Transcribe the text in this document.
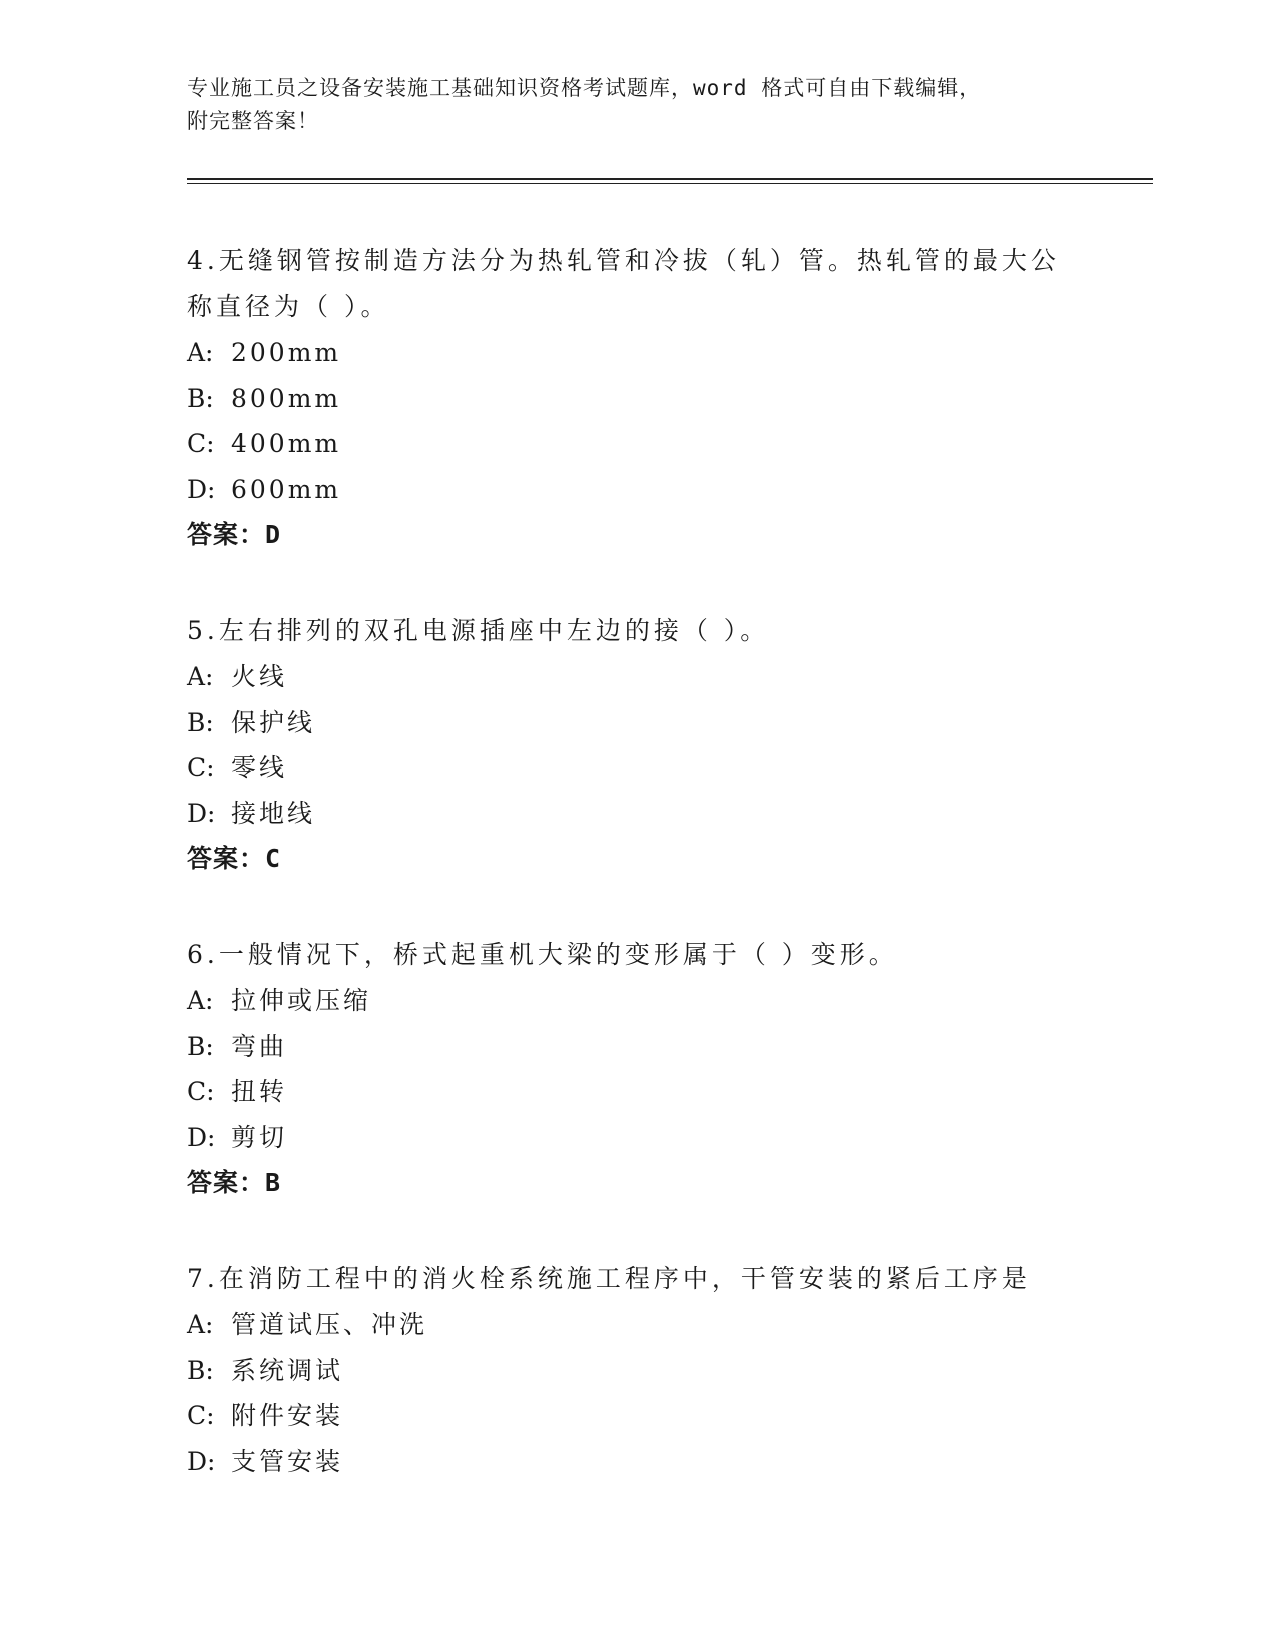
专业施工员之设备安装施工基础知识资格考试题库，word 格式可自由下载编辑，
附完整答案！
4.无缝钢管按制造方法分为热轧管和冷拔（轧）管。热轧管的最大公
称直径为（ ）。
A: 200mm
B: 800mm
C: 400mm
D: 600mm
答案：D
5.左右排列的双孔电源插座中左边的接（ ）。
A: 火线
B: 保护线
C: 零线
D: 接地线
答案：C
6.一般情况下，桥式起重机大梁的变形属于（ ）变形。
A: 拉伸或压缩
B: 弯曲
C: 扭转
D: 剪切
答案：B
7.在消防工程中的消火栓系统施工程序中，干管安装的紧后工序是
A: 管道试压、冲洗
B: 系统调试
C: 附件安装
D: 支管安装
